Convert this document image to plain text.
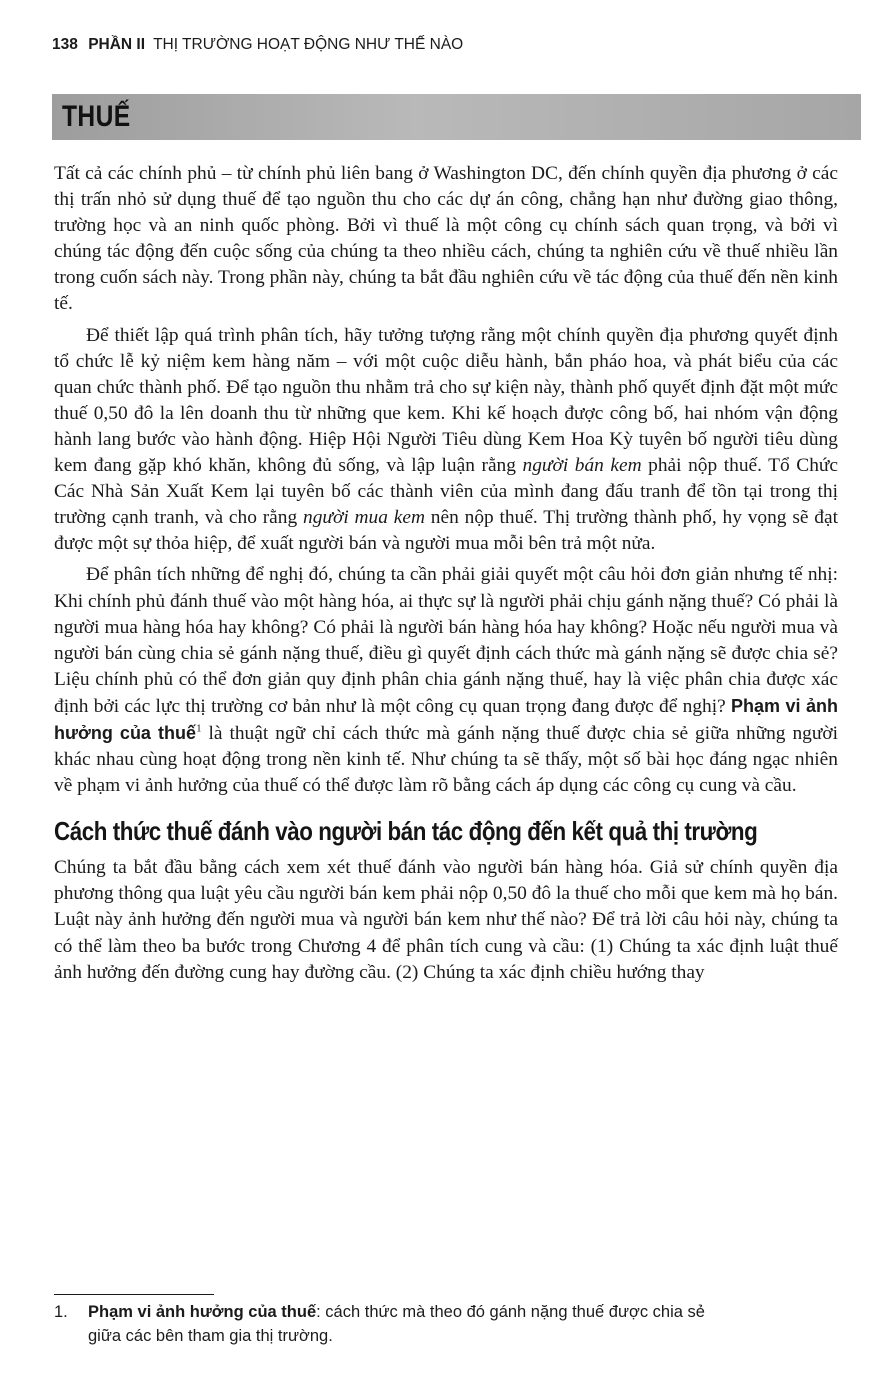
138 PHẦN II THỊ TRƯỜNG HOẠT ĐỘNG NHƯ THẾ NÀO
THUẾ

Tất cả các chính phủ – từ chính phủ liên bang ở Washington DC, đến chính quyền địa phương ở các thị trấn nhỏ sử dụng thuế để tạo nguồn thu cho các dự án công, chẳng hạn như đường giao thông, trường học và an ninh quốc phòng. Bởi vì thuế là một công cụ chính sách quan trọng, và bởi vì chúng tác động đến cuộc sống của chúng ta theo nhiều cách, chúng ta nghiên cứu về thuế nhiều lần trong cuốn sách này. Trong phần này, chúng ta bắt đầu nghiên cứu về tác động của thuế đến nền kinh tế.

Để thiết lập quá trình phân tích, hãy tưởng tượng rằng một chính quyền địa phương quyết định tổ chức lễ kỷ niệm kem hàng năm – với một cuộc diễu hành, bắn pháo hoa, và phát biểu của các quan chức thành phố. Để tạo nguồn thu nhằm trả cho sự kiện này, thành phố quyết định đặt một mức thuế 0,50 đô la lên doanh thu từ những que kem. Khi kế hoạch được công bố, hai nhóm vận động hành lang bước vào hành động. Hiệp Hội Người Tiêu dùng Kem Hoa Kỳ tuyên bố người tiêu dùng kem đang gặp khó khăn, không đủ sống, và lập luận rằng người bán kem phải nộp thuế. Tổ Chức Các Nhà Sản Xuất Kem lại tuyên bố các thành viên của mình đang đấu tranh để tồn tại trong thị trường cạnh tranh, và cho rằng người mua kem nên nộp thuế. Thị trường thành phố, hy vọng sẽ đạt được một sự thỏa hiệp, để xuất người bán và người mua mỗi bên trả một nửa.

Để phân tích những để nghị đó, chúng ta cần phải giải quyết một câu hỏi đơn giản nhưng tế nhị: Khi chính phủ đánh thuế vào một hàng hóa, ai thực sự là người phải chịu gánh nặng thuế? Có phải là người mua hàng hóa hay không? Có phải là người bán hàng hóa hay không? Hoặc nếu người mua và người bán cùng chia sẻ gánh nặng thuế, điều gì quyết định cách thức mà gánh nặng sẽ được chia sẻ? Liệu chính phủ có thể đơn giản quy định phân chia gánh nặng thuế, hay là việc phân chia được xác định bởi các lực thị trường cơ bản như là một công cụ quan trọng đang được để nghị? Phạm vi ảnh hưởng của thuế$^1$ là thuật ngữ chỉ cách thức mà gánh nặng thuế được chia sẻ giữa những người khác nhau cùng hoạt động trong nền kinh tế. Như chúng ta sẽ thấy, một số bài học đáng ngạc nhiên về phạm vi ảnh hưởng của thuế có thể được làm rõ bằng cách áp dụng các công cụ cung và cầu.

Cách thức thuế đánh vào người bán tác động đến kết quả thị trường

Chúng ta bắt đầu bằng cách xem xét thuế đánh vào người bán hàng hóa. Giả sử chính quyền địa phương thông qua luật yêu cầu người bán kem phải nộp 0,50 đô la thuế cho mỗi que kem mà họ bán. Luật này ảnh hưởng đến người mua và người bán kem như thế nào? Để trả lời câu hỏi này, chúng ta có thể làm theo ba bước trong Chương 4 để phân tích cung và cầu: (1) Chúng ta xác định luật thuế ảnh hưởng đến đường cung hay đường cầu. (2) Chúng ta xác định chiều hướng thay

1. Phạm vi ảnh hưởng của thuế: cách thức mà theo đó gánh nặng thuế được chia sẻ
giữa các bên tham gia thị trường.
